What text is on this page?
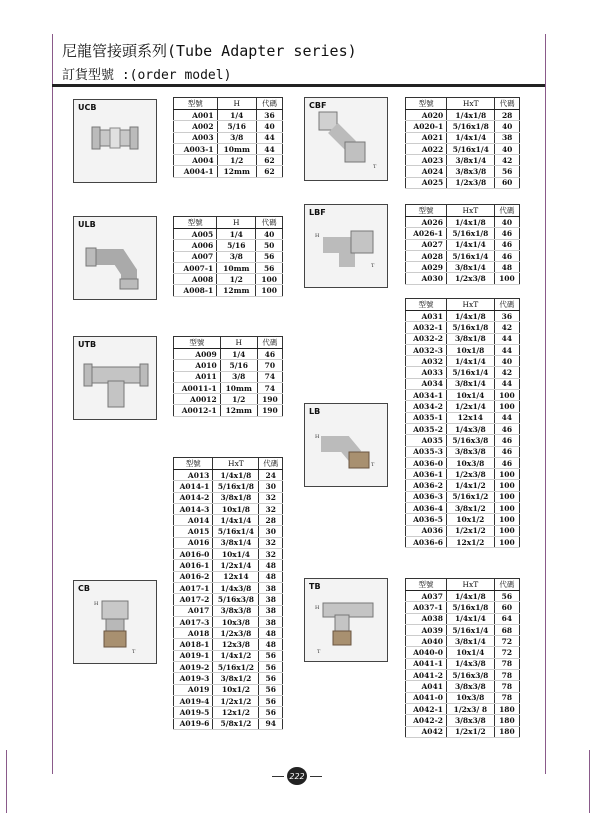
尼龍管接頭系列(Tube Adapter series)
訂貨型號 :(order model)
UCB
ULB
UTB
CB
H
T
CBF
T
LBF
H
T
LB
H
T
TB
H
T
型號	H	代碼
A001	1/4	36
A002	5/16	40
A003	3/8	44
A003-1	10mm	44
A004	1/2	62
A004-1	12mm	62
型號	H	代碼
A005	1/4	40
A006	5/16	50
A007	3/8	56
A007-1	10mm	56
A008	1/2	100
A008-1	12mm	100
型號	H	代碼
A009	1/4	46
A010	5/16	70
A011	3/8	74
A0011-1	10mm	74
A0012	1/2	190
A0012-1	12mm	190
型號	HxT	代碼
A013	1/4x1/8	24
A014-1	5/16x1/8	30
A014-2	3/8x1/8	32
A014-3	10x1/8	32
A014	1/4x1/4	28
A015	5/16x1/4	30
A016	3/8x1/4	32
A016-0	10x1/4	32
A016-1	1/2x1/4	48
A016-2	12x14	48
A017-1	1/4x3/8	38
A017-2	5/16x3/8	38
A017	3/8x3/8	38
A017-3	10x3/8	38
A018	1/2x3/8	48
A018-1	12x3/8	48
A019-1	1/4x1/2	56
A019-2	5/16x1/2	56
A019-3	3/8x1/2	56
A019	10x1/2	56
A019-4	1/2x1/2	56
A019-5	12x1/2	56
A019-6	5/8x1/2	94
型號	HxT	代碼
A020	1/4x1/8	28
A020-1	5/16x1/8	40
A021	1/4x1/4	38
A022	5/16x1/4	40
A023	3/8x1/4	42
A024	3/8x3/8	56
A025	1/2x3/8	60
型號	HxT	代碼
A026	1/4x1/8	40
A026-1	5/16x1/8	46
A027	1/4x1/4	46
A028	5/16x1/4	46
A029	3/8x1/4	48
A030	1/2x3/8	100
型號	HxT	代碼
A031	1/4x1/8	36
A032-1	5/16x1/8	42
A032-2	3/8x1/8	44
A032-3	10x1/8	44
A032	1/4x1/4	40
A033	5/16x1/4	42
A034	3/8x1/4	44
A034-1	10x1/4	100
A034-2	1/2x1/4	100
A035-1	12x14	44
A035-2	1/4x3/8	46
A035	5/16x3/8	46
A035-3	3/8x3/8	46
A036-0	10x3/8	46
A036-1	1/2x3/8	100
A036-2	1/4x1/2	100
A036-3	5/16x1/2	100
A036-4	3/8x1/2	100
A036-5	10x1/2	100
A036	1/2x1/2	100
A036-6	12x1/2	100
型號	HxT	代碼
A037	1/4x1/8	56
A037-1	5/16x1/8	60
A038	1/4x1/4	64
A039	5/16x1/4	68
A040	3/8x1/4	72
A040-0	10x1/4	72
A041-1	1/4x3/8	78
A041-2	5/16x3/8	78
A041	3/8x3/8	78
A041-0	10x3/8	78
A042-1	1/2x3/ 8	180
A042-2	3/8x3/8	180
A042	1/2x1/2	180
222
